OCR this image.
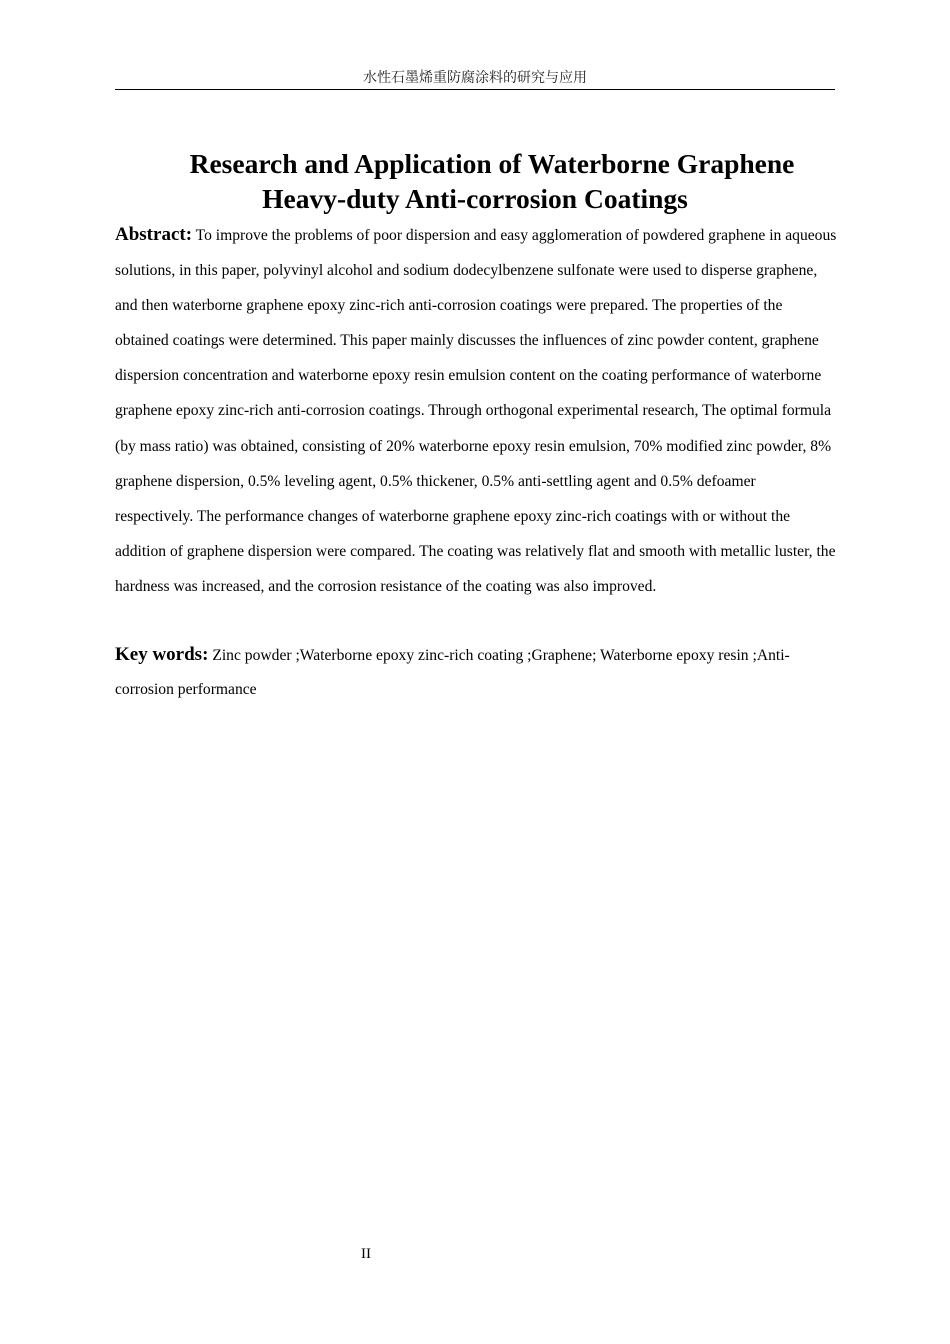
水性石墨烯重防腐涂料的研究与应用
Research and Application of Waterborne Graphene
Heavy-duty Anti-corrosion Coatings

Abstract: To improve the problems of poor dispersion and easy agglomeration of powdered graphene in aqueous solutions, in this paper, polyvinyl alcohol and sodium dodecylbenzene sulfonate were used to disperse graphene, and then waterborne graphene epoxy zinc-rich anti-corrosion coatings were prepared. The properties of the obtained coatings were determined. This paper mainly discusses the influences of zinc powder content, graphene dispersion concentration and waterborne epoxy resin emulsion content on the coating performance of waterborne graphene epoxy zinc-rich anti-corrosion coatings. Through orthogonal experimental research, The optimal formula (by mass ratio) was obtained, consisting of 20% waterborne epoxy resin emulsion, 70% modified zinc powder, 8% graphene dispersion, 0.5% leveling agent, 0.5% thickener, 0.5% anti-settling agent and 0.5% defoamer respectively. The performance changes of waterborne graphene epoxy zinc-rich coatings with or without the addition of graphene dispersion were compared. The coating was relatively flat and smooth with metallic luster, the hardness was increased, and the corrosion resistance of the coating was also improved.

Key words: Zinc powder ;Waterborne epoxy zinc-rich coating ;Graphene; Waterborne epoxy resin ;Anti-corrosion performance

II
